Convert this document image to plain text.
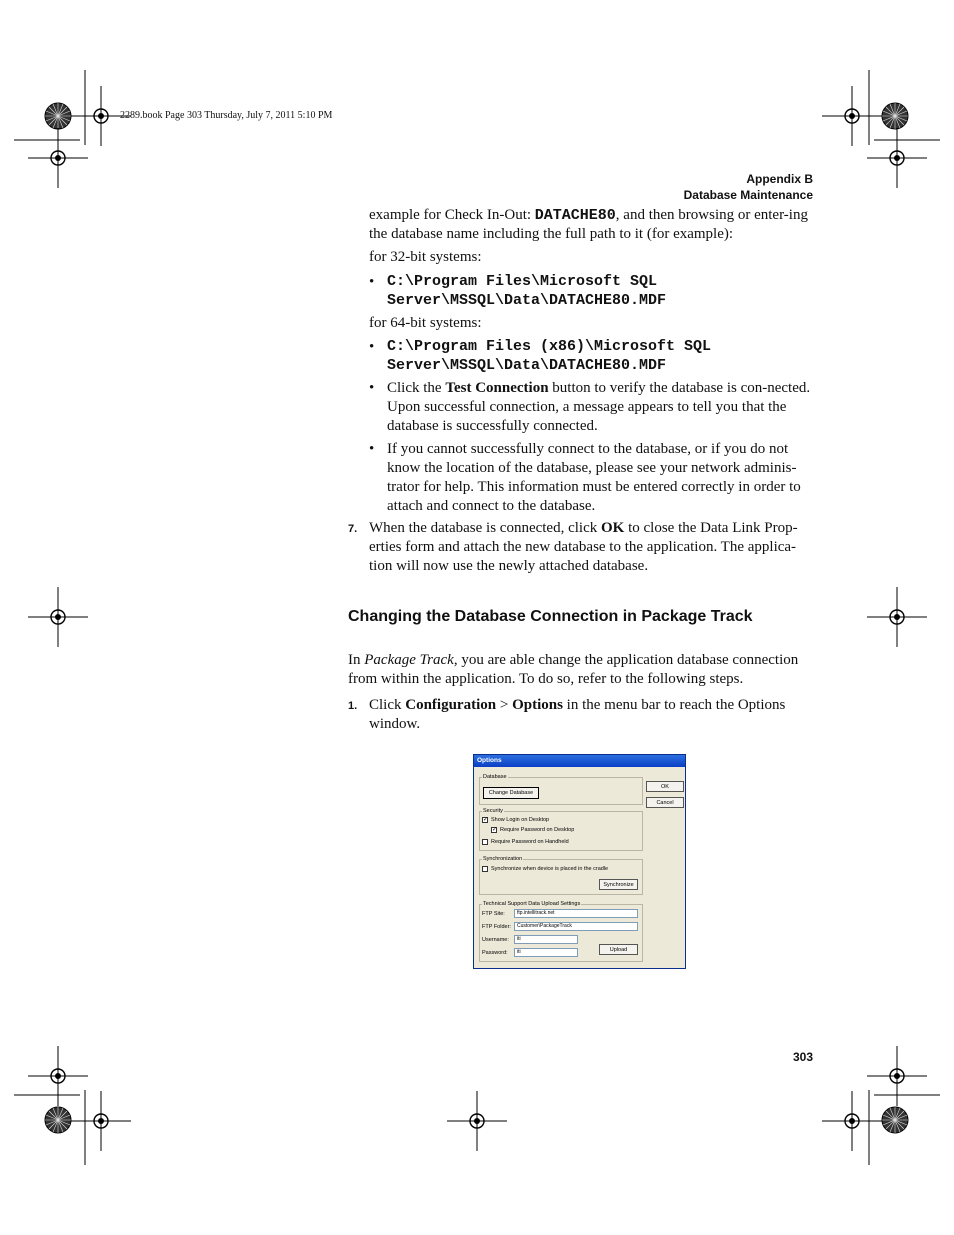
2289.book Page 303 Thursday, July 7, 2011 5:10 PM
Appendix B
Database Maintenance
example for Check In-Out: DATACHE80, and then browsing or enter-ing the database name including the full path to it (for example):
for 32-bit systems:
• C:\Program Files\Microsoft SQL
Server\MSSQL\Data\DATACHE80.MDF
for 64-bit systems:
• C:\Program Files (x86)\Microsoft SQL
Server\MSSQL\Data\DATACHE80.MDF
• Click the Test Connection button to verify the database is con-nected. Upon successful connection, a message appears to tell you that the database is successfully connected.
• If you cannot successfully connect to the database, or if you do not know the location of the database, please see your network adminis-trator for help. This information must be entered correctly in order to attach and connect to the database.
7. When the database is connected, click OK to close the Data Link Prop-erties form and attach the new database to the application. The applica-tion will now use the newly attached database.
Changing the Database Connection in Package Track
In Package Track, you are able change the application database connection from within the application. To do so, refer to the following steps.
1. Click Configuration > Options in the menu bar to reach the Options window.
Options
Database
Change Database
OK
Cancel
Security
✓ Show Login on Desktop
✓ Require Password on Desktop
Require Password on Handheld
Synchronization
Synchronize when device is placed in the cradle
Synchronize
Technical Support Data Upload Settings
FTP Site:	ftp.intellitrack.net
FTP Folder:	Customer\PackageTrack
Username:	iti
Password:	iti	Upload
303
